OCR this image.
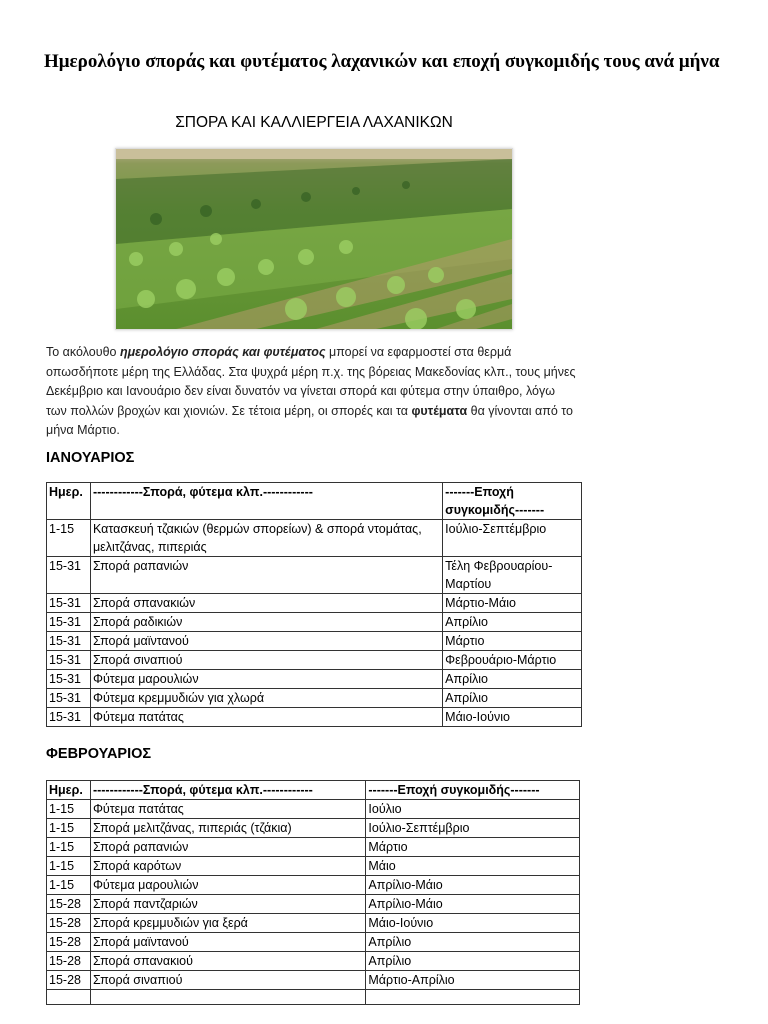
Ημερολόγιο σποράς και φυτέματος λαχανικών και εποχή συγκομιδής τους ανά μήνα

ΣΠΟΡΑ ΚΑΙ ΚΑΛΛΙΕΡΓΕΙΑ ΛΑΧΑΝΙΚΩΝ

Το ακόλουθο ημερολόγιο σποράς και φυτέματος μπορεί να εφαρμοστεί στα θερμά οπωσδήποτε μέρη της Ελλάδας. Στα ψυχρά μέρη π.χ. της βόρειας Μακεδονίας κλπ., τους μήνες Δεκέμβριο και Ιανουάριο δεν είναι δυνατόν να γίνεται σπορά και φύτεμα στην ύπαιθρο, λόγω των πολλών βροχών και χιονιών. Σε τέτοια μέρη, οι σπορές και τα φυτέματα θα γίνονται από το μήνα Μάρτιο.

ΙΑΝΟΥΑΡΙΟΣ
Ημερ.	------------Σπορά, φύτεμα κλπ.------------	-------Εποχή συγκομιδής-------
1-15	Κατασκευή τζακιών (θερμών σπορείων) & σπορά ντομάτας, μελιτζάνας, πιπεριάς	Ιούλιο-Σεπτέμβριο
15-31	Σπορά ραπανιών	Τέλη Φεβρουαρίου-Μαρτίου
15-31	Σπορά σπανακιών	Μάρτιο-Μάιο
15-31	Σπορά ραδικιών	Απρίλιο
15-31	Σπορά μαϊντανού	Μάρτιο
15-31	Σπορά σιναπιού	Φεβρουάριο-Μάρτιο
15-31	Φύτεμα μαρουλιών	Απρίλιο
15-31	Φύτεμα κρεμμυδιών για χλωρά	Απρίλιο
15-31	Φύτεμα πατάτας	Μάιο-Ιούνιο
ΦΕΒΡΟΥΑΡΙΟΣ
Ημερ.	------------Σπορά, φύτεμα κλπ.------------	-------Εποχή συγκομιδής-------
1-15	Φύτεμα πατάτας	Ιούλιο
1-15	Σπορά μελιτζάνας, πιπεριάς (τζάκια)	Ιούλιο-Σεπτέμβριο
1-15	Σπορά ραπανιών	Μάρτιο
1-15	Σπορά καρότων	Μάιο
1-15	Φύτεμα μαρουλιών	Απρίλιο-Μάιο
15-28	Σπορά παντζαριών	Απρίλιο-Μάιο
15-28	Σπορά κρεμμυδιών για ξερά	Μάιο-Ιούνιο
15-28	Σπορά μαϊντανού	Απρίλιο
15-28	Σπορά σπανακιού	Απρίλιο
15-28	Σπορά σιναπιού	Μάρτιο-Απρίλιο
